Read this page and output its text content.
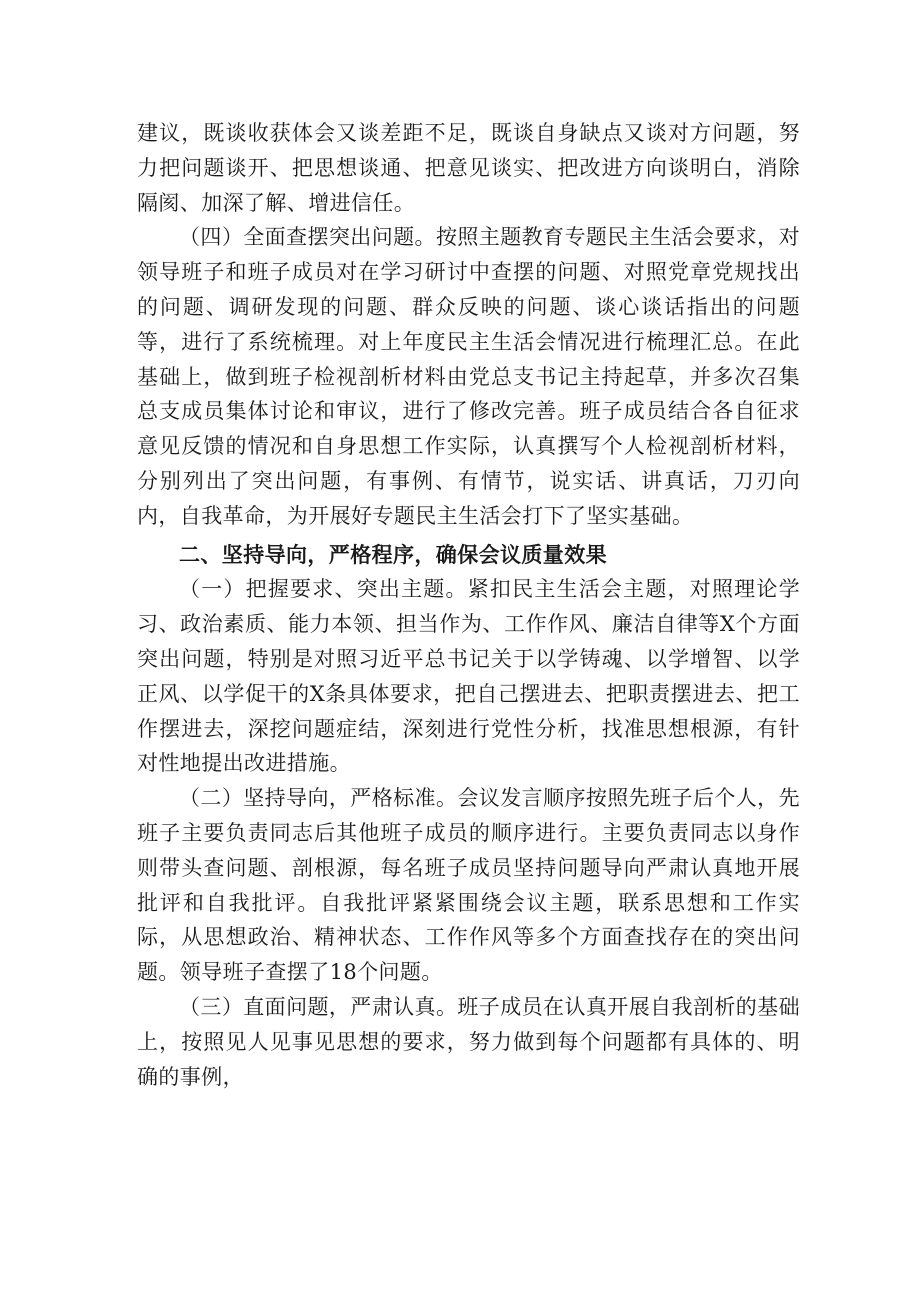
建议，既谈收获体会又谈差距不足，既谈自身缺点又谈对方问题，努力把问题谈开、把思想谈通、把意见谈实、把改进方向谈明白，消除隔阂、加深了解、增进信任。

（四）全面查摆突出问题。按照主题教育专题民主生活会要求，对领导班子和班子成员对在学习研讨中查摆的问题、对照党章党规找出的问题、调研发现的问题、群众反映的问题、谈心谈话指出的问题等，进行了系统梳理。对上年度民主生活会情况进行梳理汇总。在此基础上，做到班子检视剖析材料由党总支书记主持起草，并多次召集总支成员集体讨论和审议，进行了修改完善。班子成员结合各自征求意见反馈的情况和自身思想工作实际，认真撰写个人检视剖析材料，分别列出了突出问题，有事例、有情节，说实话、讲真话，刀刃向内，自我革命，为开展好专题民主生活会打下了坚实基础。

二、坚持导向，严格程序，确保会议质量效果

（一）把握要求、突出主题。紧扣民主生活会主题，对照理论学习、政治素质、能力本领、担当作为、工作作风、廉洁自律等X个方面突出问题，特别是对照习近平总书记关于以学铸魂、以学增智、以学正风、以学促干的X条具体要求，把自己摆进去、把职责摆进去、把工作摆进去，深挖问题症结，深刻进行党性分析，找准思想根源，有针对性地提出改进措施。

（二）坚持导向，严格标准。会议发言顺序按照先班子后个人，先班子主要负责同志后其他班子成员的顺序进行。主要负责同志以身作则带头查问题、剖根源，每名班子成员坚持问题导向严肃认真地开展批评和自我批评。自我批评紧紧围绕会议主题，联系思想和工作实际，从思想政治、精神状态、工作作风等多个方面查找存在的突出问题。领导班子查摆了18个问题。

（三）直面问题，严肃认真。班子成员在认真开展自我剖析的基础上，按照见人见事见思想的要求，努力做到每个问题都有具体的、明确的事例，
